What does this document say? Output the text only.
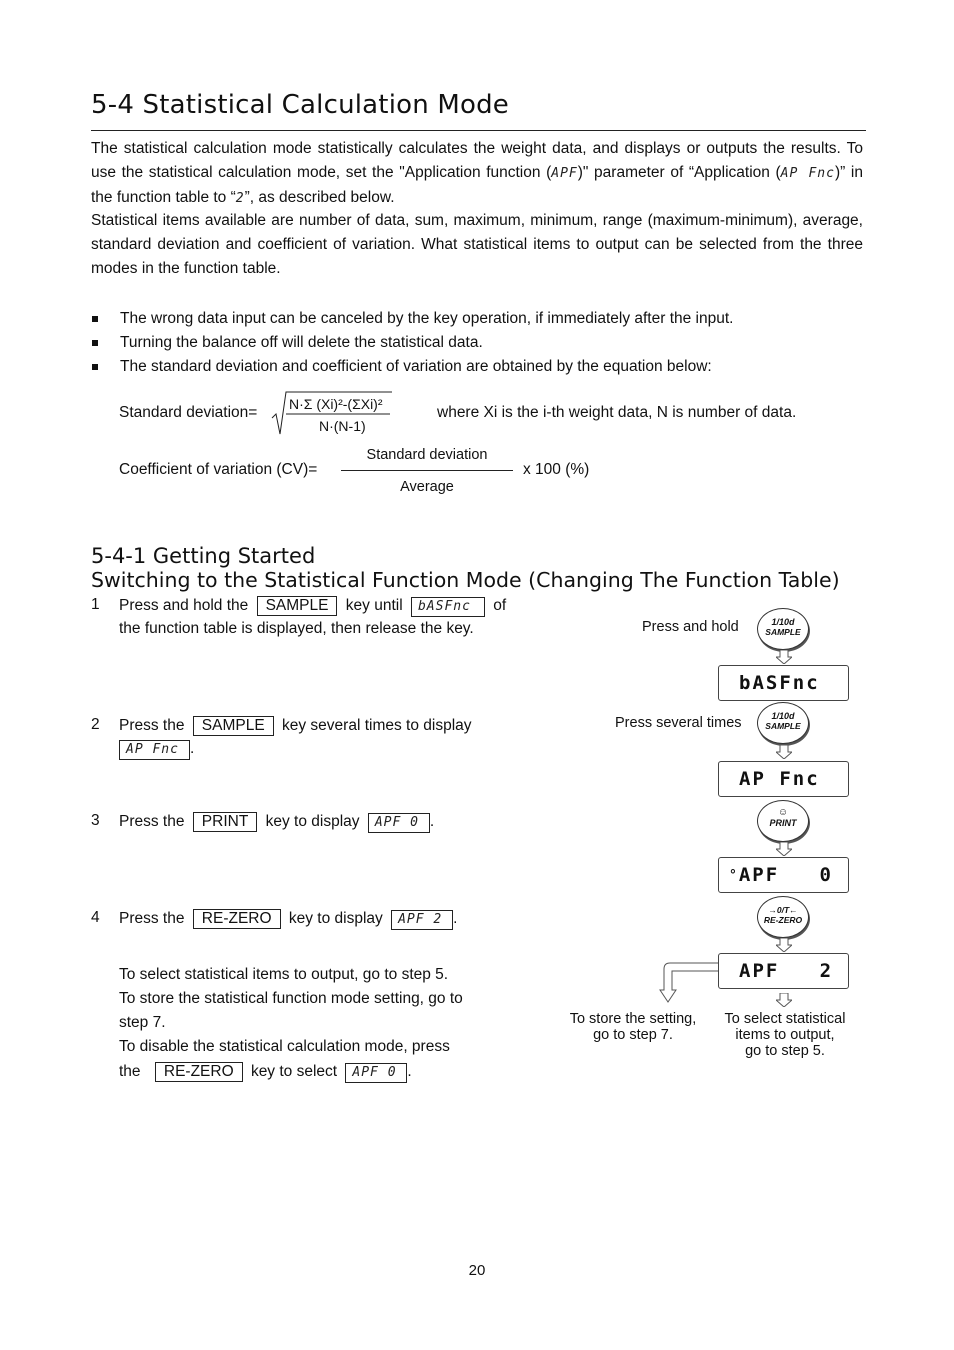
5-4 Statistical Calculation Mode
The statistical calculation mode statistically calculates the weight data, and displays or outputs the results. To use the statistical calculation mode, set the "Application function (APF)" parameter of “Application (AP Fnc)” in the function table to “2”, as described below.
Statistical items available are number of data, sum, maximum, minimum, range (maximum-minimum), average, standard deviation and coefficient of variation. What statistical items to output can be selected from the three modes in the function table.
The wrong data input can be canceled by the key operation, if immediately after the input.
Turning the balance off will delete the statistical data.
The standard deviation and coefficient of variation are obtained by the equation below:
Standard deviation= N·Σ (Xi)²-(ΣXi)²
N·(N-1)
where Xi is the i-th weight data, N is number of data.
Coefficient of variation (CV)=
Standard deviation
Average
x 100 (%)
5-4-1 Getting Started
Switching to the Statistical Function Mode (Changing The Function Table)
1 Press and hold the SAMPLE key until bASFnc of
the function table is displayed, then release the key.
2 Press the SAMPLE key several times to display
AP Fnc .
3 Press the PRINT key to display APF 0 .
4 Press the RE-ZERO key to display APF 2 .
To select statistical items to output, go to step 5.
To store the statistical function mode setting, go to
step 7.
To disable the statistical calculation mode, press
the RE-ZERO key to select APF 0 .
Press and hold	1/10d
SAMPLE
bASFnc
Press several times	1/10d
SAMPLE
AP Fnc
☺
PRINT
° APF   0
→0/T←
RE-ZERO
APF   2
To store the setting,
go to step 7.
To select statistical
items to output,
go to step 5.
20
